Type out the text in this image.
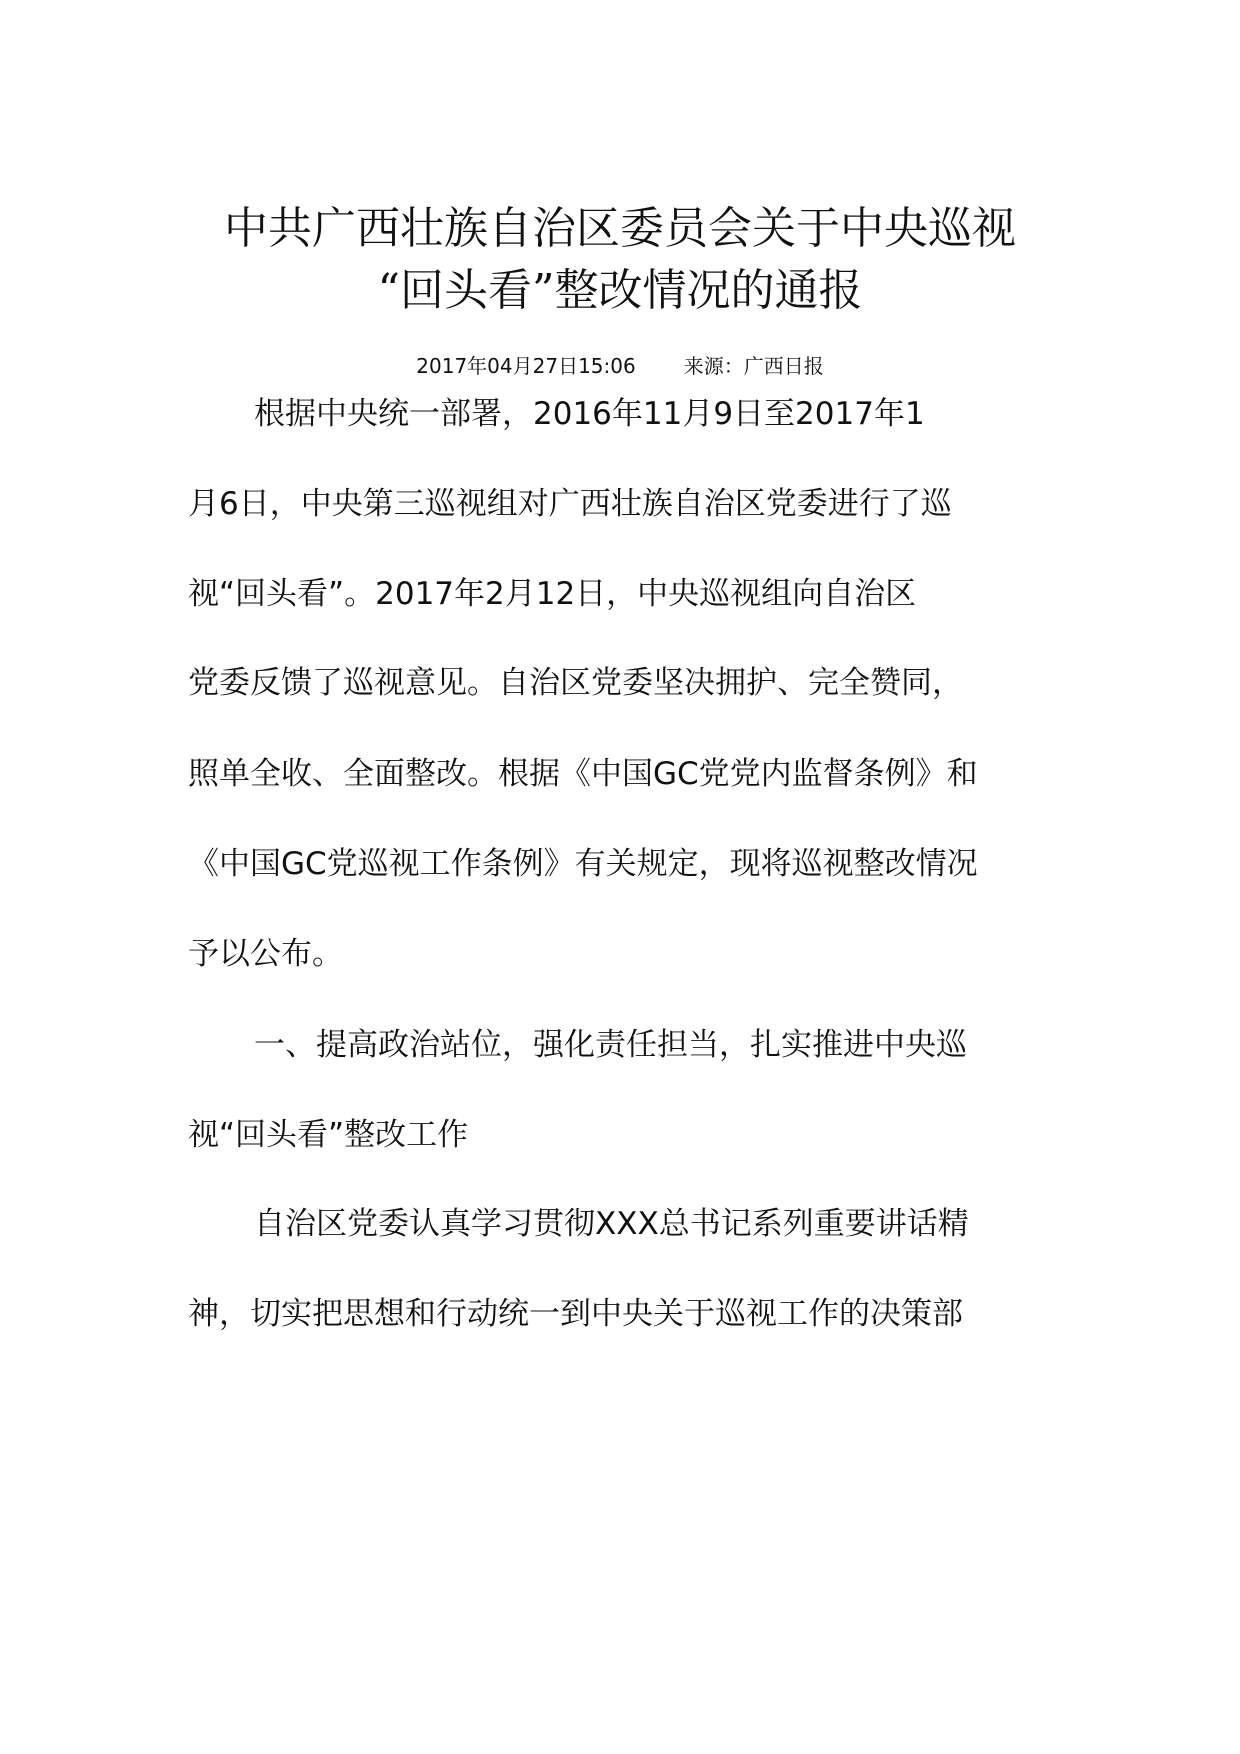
中共广西壮族自治区委员会关于中央巡视
“回头看”整改情况的通报
2017年04月27日15:06 来源：广西日报
根据中央统一部署，2016年11月9日至2017年1
月6日，中央第三巡视组对广西壮族自治区党委进行了巡
视“回头看”。2017年2月12日，中央巡视组向自治区
党委反馈了巡视意见。自治区党委坚决拥护、完全赞同，
照单全收、全面整改。根据《中国GC党党内监督条例》和
《中国GC党巡视工作条例》有关规定，现将巡视整改情况
予以公布。
一、提高政治站位，强化责任担当，扎实推进中央巡
视“回头看”整改工作
自治区党委认真学习贯彻XXX总书记系列重要讲话精
神，切实把思想和行动统一到中央关于巡视工作的决策部
